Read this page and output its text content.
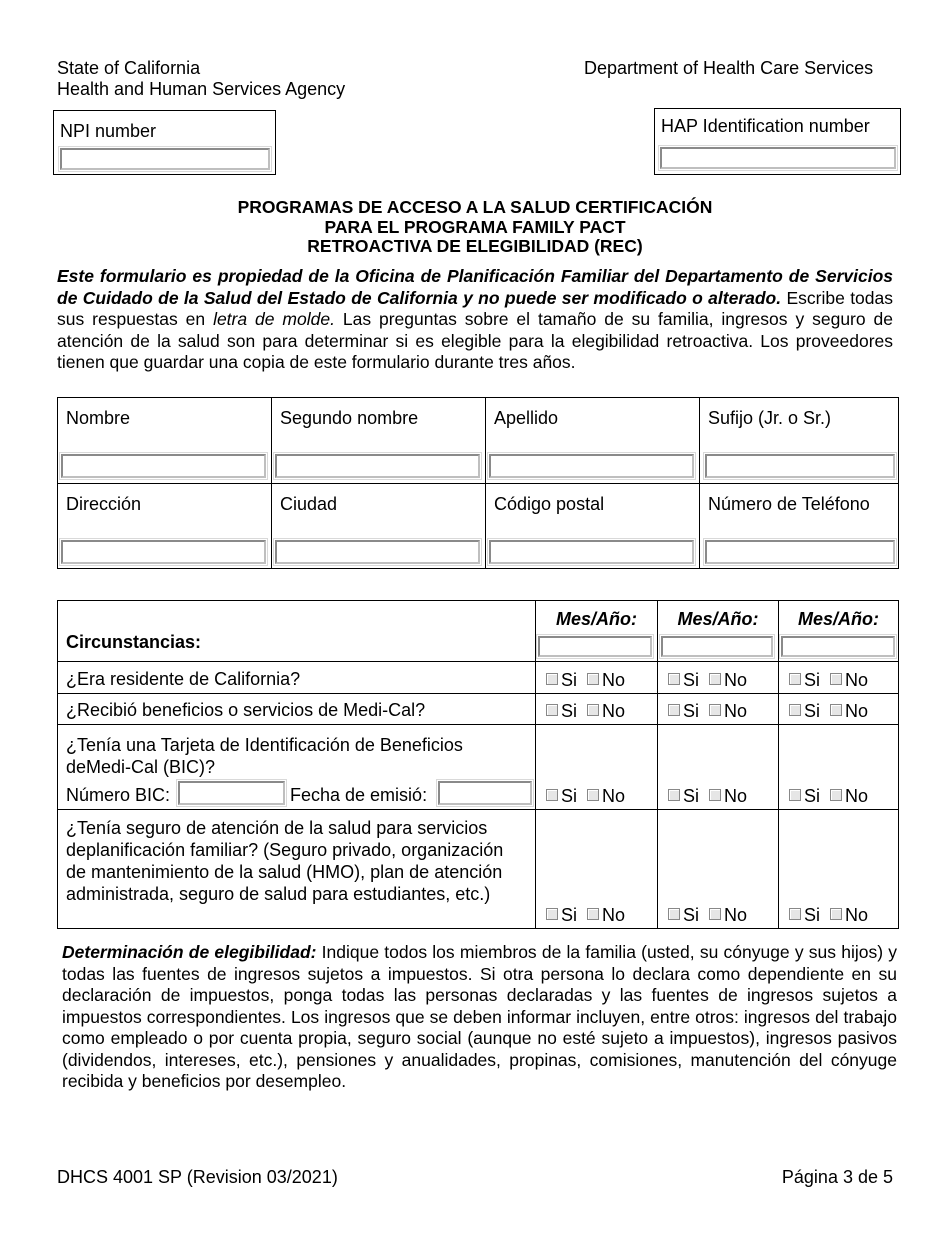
State of California
Health and Human Services Agency
Department of Health Care Services
NPI number	HAP Identification number
PROGRAMAS DE ACCESO A LA SALUD CERTIFICACIÓN
PARA EL PROGRAMA FAMILY PACT
RETROACTIVA DE ELEGIBILIDAD (REC)
Este formulario es propiedad de la Oficina de Planificación Familiar del Departamento de Servicios de Cuidado de la Salud del Estado de California y no puede ser modificado o alterado. Escribe todas sus respuestas en letra de molde. Las preguntas sobre el tamaño de su familia, ingresos y seguro de atención de la salud son para determinar si es elegible para la elegibilidad retroactiva. Los proveedores tienen que guardar una copia de este formulario durante tres años.
Nombre	Segundo nombre	Apellido	Sufijo (Jr. o Sr.)

Dirección	Ciudad	Código postal	Número de Teléfono
Circunstancias:	Mes/Año:	Mes/Año:	Mes/Año:

¿Era residente de California?	Si No	Si No	Si No

¿Recibió beneficios o servicios de Medi-Cal?	Si No	Si No	Si No

¿Tenía una Tarjeta de Identificación de Beneficios deMedi-Cal (BIC)?
Número BIC: Fecha de emisió:	Si No	Si No	Si No

¿Tenía seguro de atención de la salud para servicios deplanificación familiar? (Seguro privado, organización de mantenimiento de la salud (HMO), plan de atención administrada, seguro de salud para estudiantes, etc.)	Si No	Si No	Si No
Determinación de elegibilidad: Indique todos los miembros de la familia (usted, su cónyuge y sus hijos) y todas las fuentes de ingresos sujetos a impuestos. Si otra persona lo declara como dependiente en su declaración de impuestos, ponga todas las personas declaradas y las fuentes de ingresos sujetos a impuestos correspondientes. Los ingresos que se deben informar incluyen, entre otros: ingresos del trabajo como empleado o por cuenta propia, seguro social (aunque no esté sujeto a impuestos), ingresos pasivos (dividendos, intereses, etc.), pensiones y anualidades, propinas, comisiones, manutención del cónyuge recibida y beneficios por desempleo.
DHCS 4001 SP (Revision 03/2021)	Página 3 de 5
